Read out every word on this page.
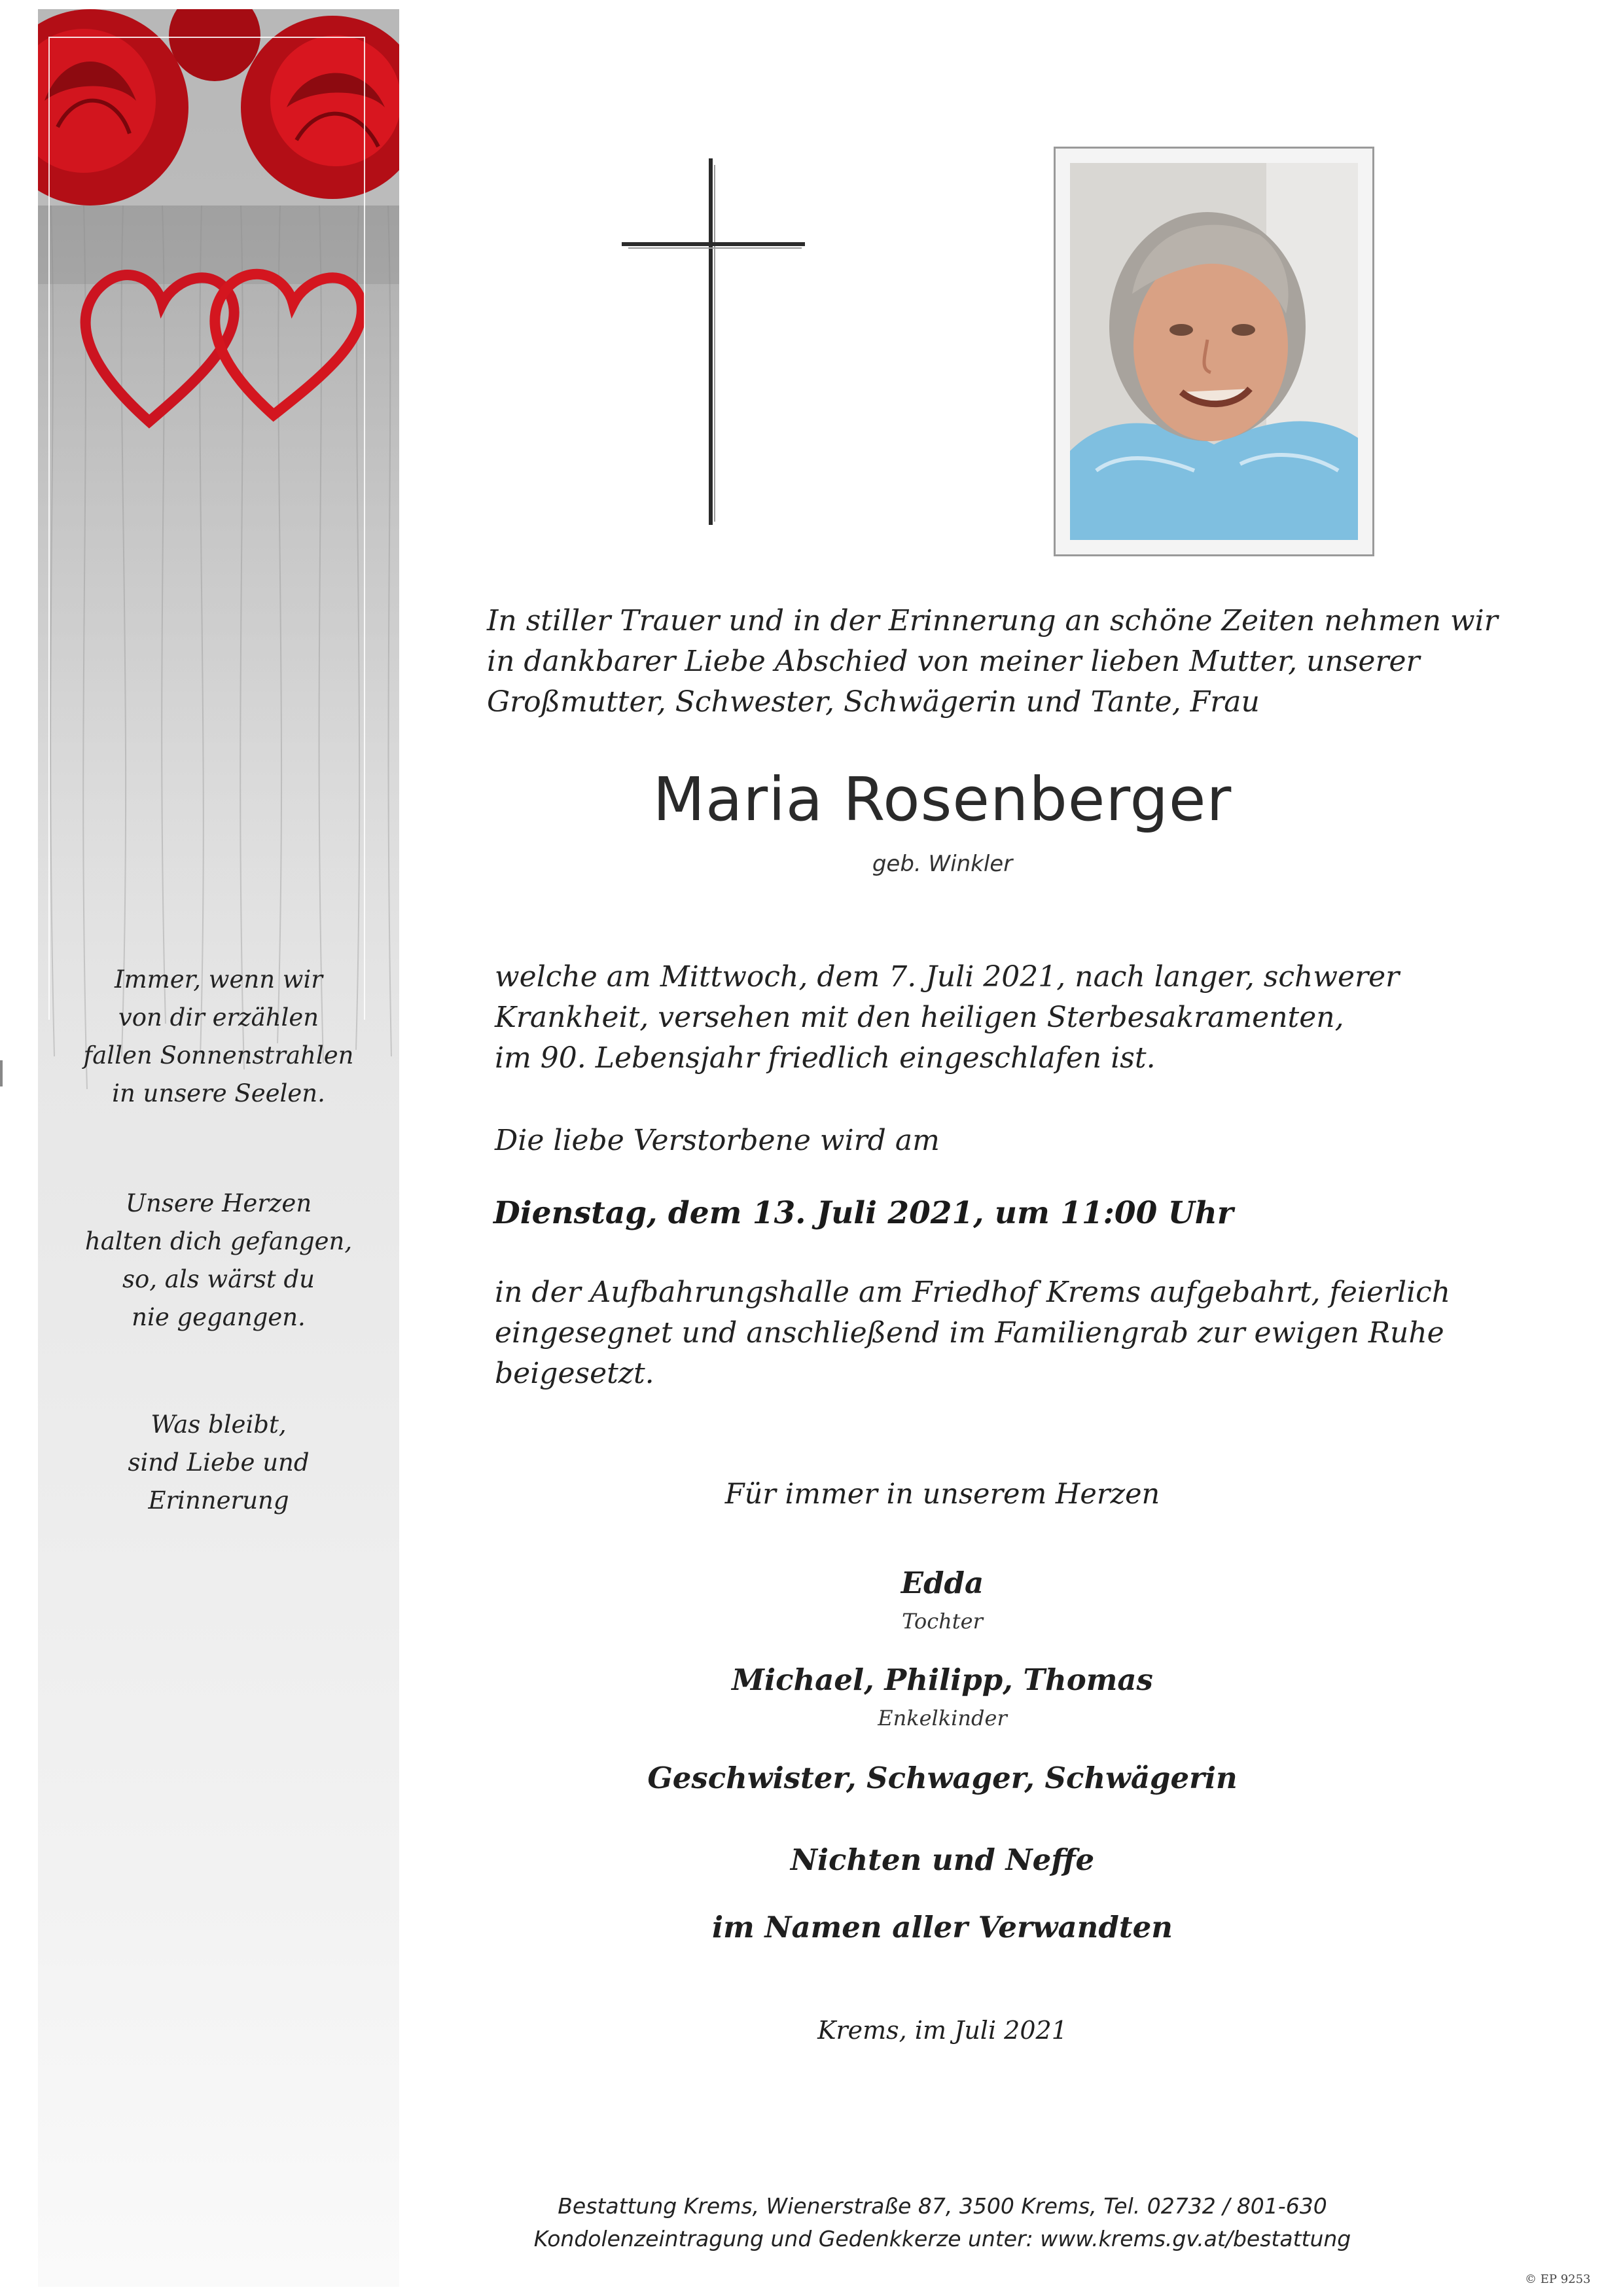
Immer, wenn wir
von dir erzählen
fallen Sonnenstrahlen
in unsere Seelen.
Unsere Herzen
halten dich gefangen,
so, als wärst du
nie gegangen.
Was bleibt,
sind Liebe und
Erinnerung
In stiller Trauer und in der Erinnerung an schöne Zeiten nehmen wir
in dankbarer Liebe Abschied von meiner lieben Mutter, unserer
Großmutter, Schwester, Schwägerin und Tante, Frau
Maria Rosenberger
geb. Winkler
welche am Mittwoch, dem 7. Juli 2021, nach langer, schwerer
Krankheit, versehen mit den heiligen Sterbesakramenten,
im 90. Lebensjahr friedlich eingeschlafen ist.
Die liebe Verstorbene wird am
Dienstag, dem 13. Juli 2021, um 11:00 Uhr
in der Aufbahrungshalle am Friedhof Krems aufgebahrt, feierlich
eingesegnet und anschließend im Familiengrab zur ewigen Ruhe
beigesetzt.
Für immer in unserem Herzen
Edda
Tochter
Michael, Philipp, Thomas
Enkelkinder
Geschwister, Schwager, Schwägerin
Nichten und Neffe
im Namen aller Verwandten
Krems, im Juli 2021
Bestattung Krems, Wienerstraße 87, 3500 Krems, Tel. 02732 / 801-630
Kondolenzeintragung und Gedenkkerze unter: www.krems.gv.at/bestattung
© EP 9253
